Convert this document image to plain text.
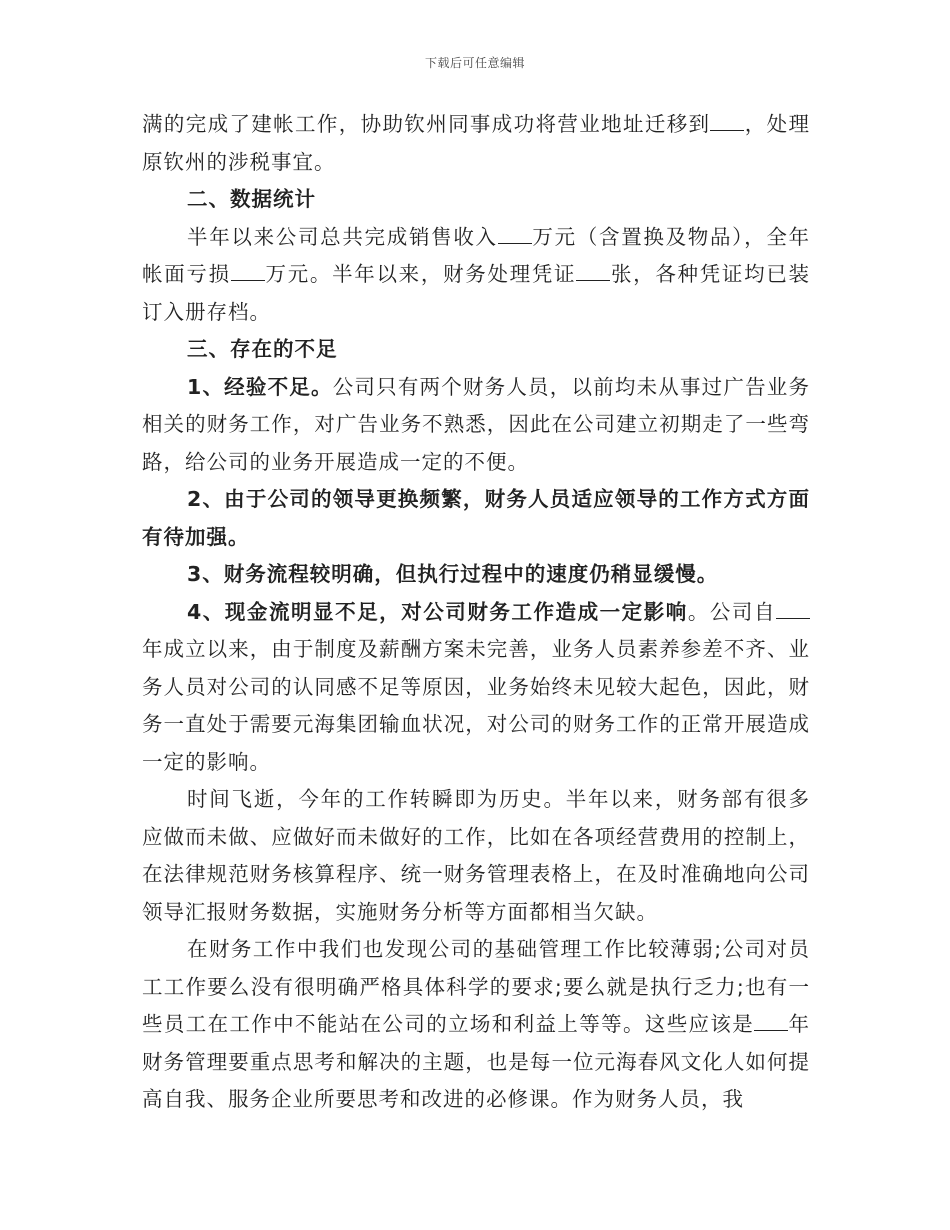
下载后可任意编辑

满的完成了建帐工作，协助钦州同事成功将营业地址迁移到 ，处理原钦州的涉税事宜。

二、数据统计

半年以来公司总共完成销售收入 万元（含置换及物品），全年帐面亏损 万元。半年以来，财务处理凭证 张，各种凭证均已装订入册存档。

三、存在的不足

1、经验不足。公司只有两个财务人员，以前均未从事过广告业务相关的财务工作，对广告业务不熟悉，因此在公司建立初期走了一些弯路，给公司的业务开展造成一定的不便。

2、由于公司的领导更换频繁，财务人员适应领导的工作方式方面有待加强。

3、财务流程较明确，但执行过程中的速度仍稍显缓慢。

4、现金流明显不足，对公司财务工作造成一定影响。公司自年成立以来，由于制度及薪酬方案未完善，业务人员素养参差不齐、业务人员对公司的认同感不足等原因，业务始终未见较大起色，因此，财务一直处于需要元海集团输血状况，对公司的财务工作的正常开展造成一定的影响。

时间飞逝，今年的工作转瞬即为历史。半年以来，财务部有很多应做而未做、应做好而未做好的工作，比如在各项经营费用的控制上，在法律规范财务核算程序、统一财务管理表格上，在及时准确地向公司领导汇报财务数据，实施财务分析等方面都相当欠缺。

在财务工作中我们也发现公司的基础管理工作比较薄弱;公司对员工工作要么没有很明确严格具体科学的要求;要么就是执行乏力;也有一些员工在工作中不能站在公司的立场和利益上等等。这些应该是 年财务管理要重点思考和解决的主题，也是每一位元海春风文化人如何提高自我、服务企业所要思考和改进的必修课。作为财务人员，我
